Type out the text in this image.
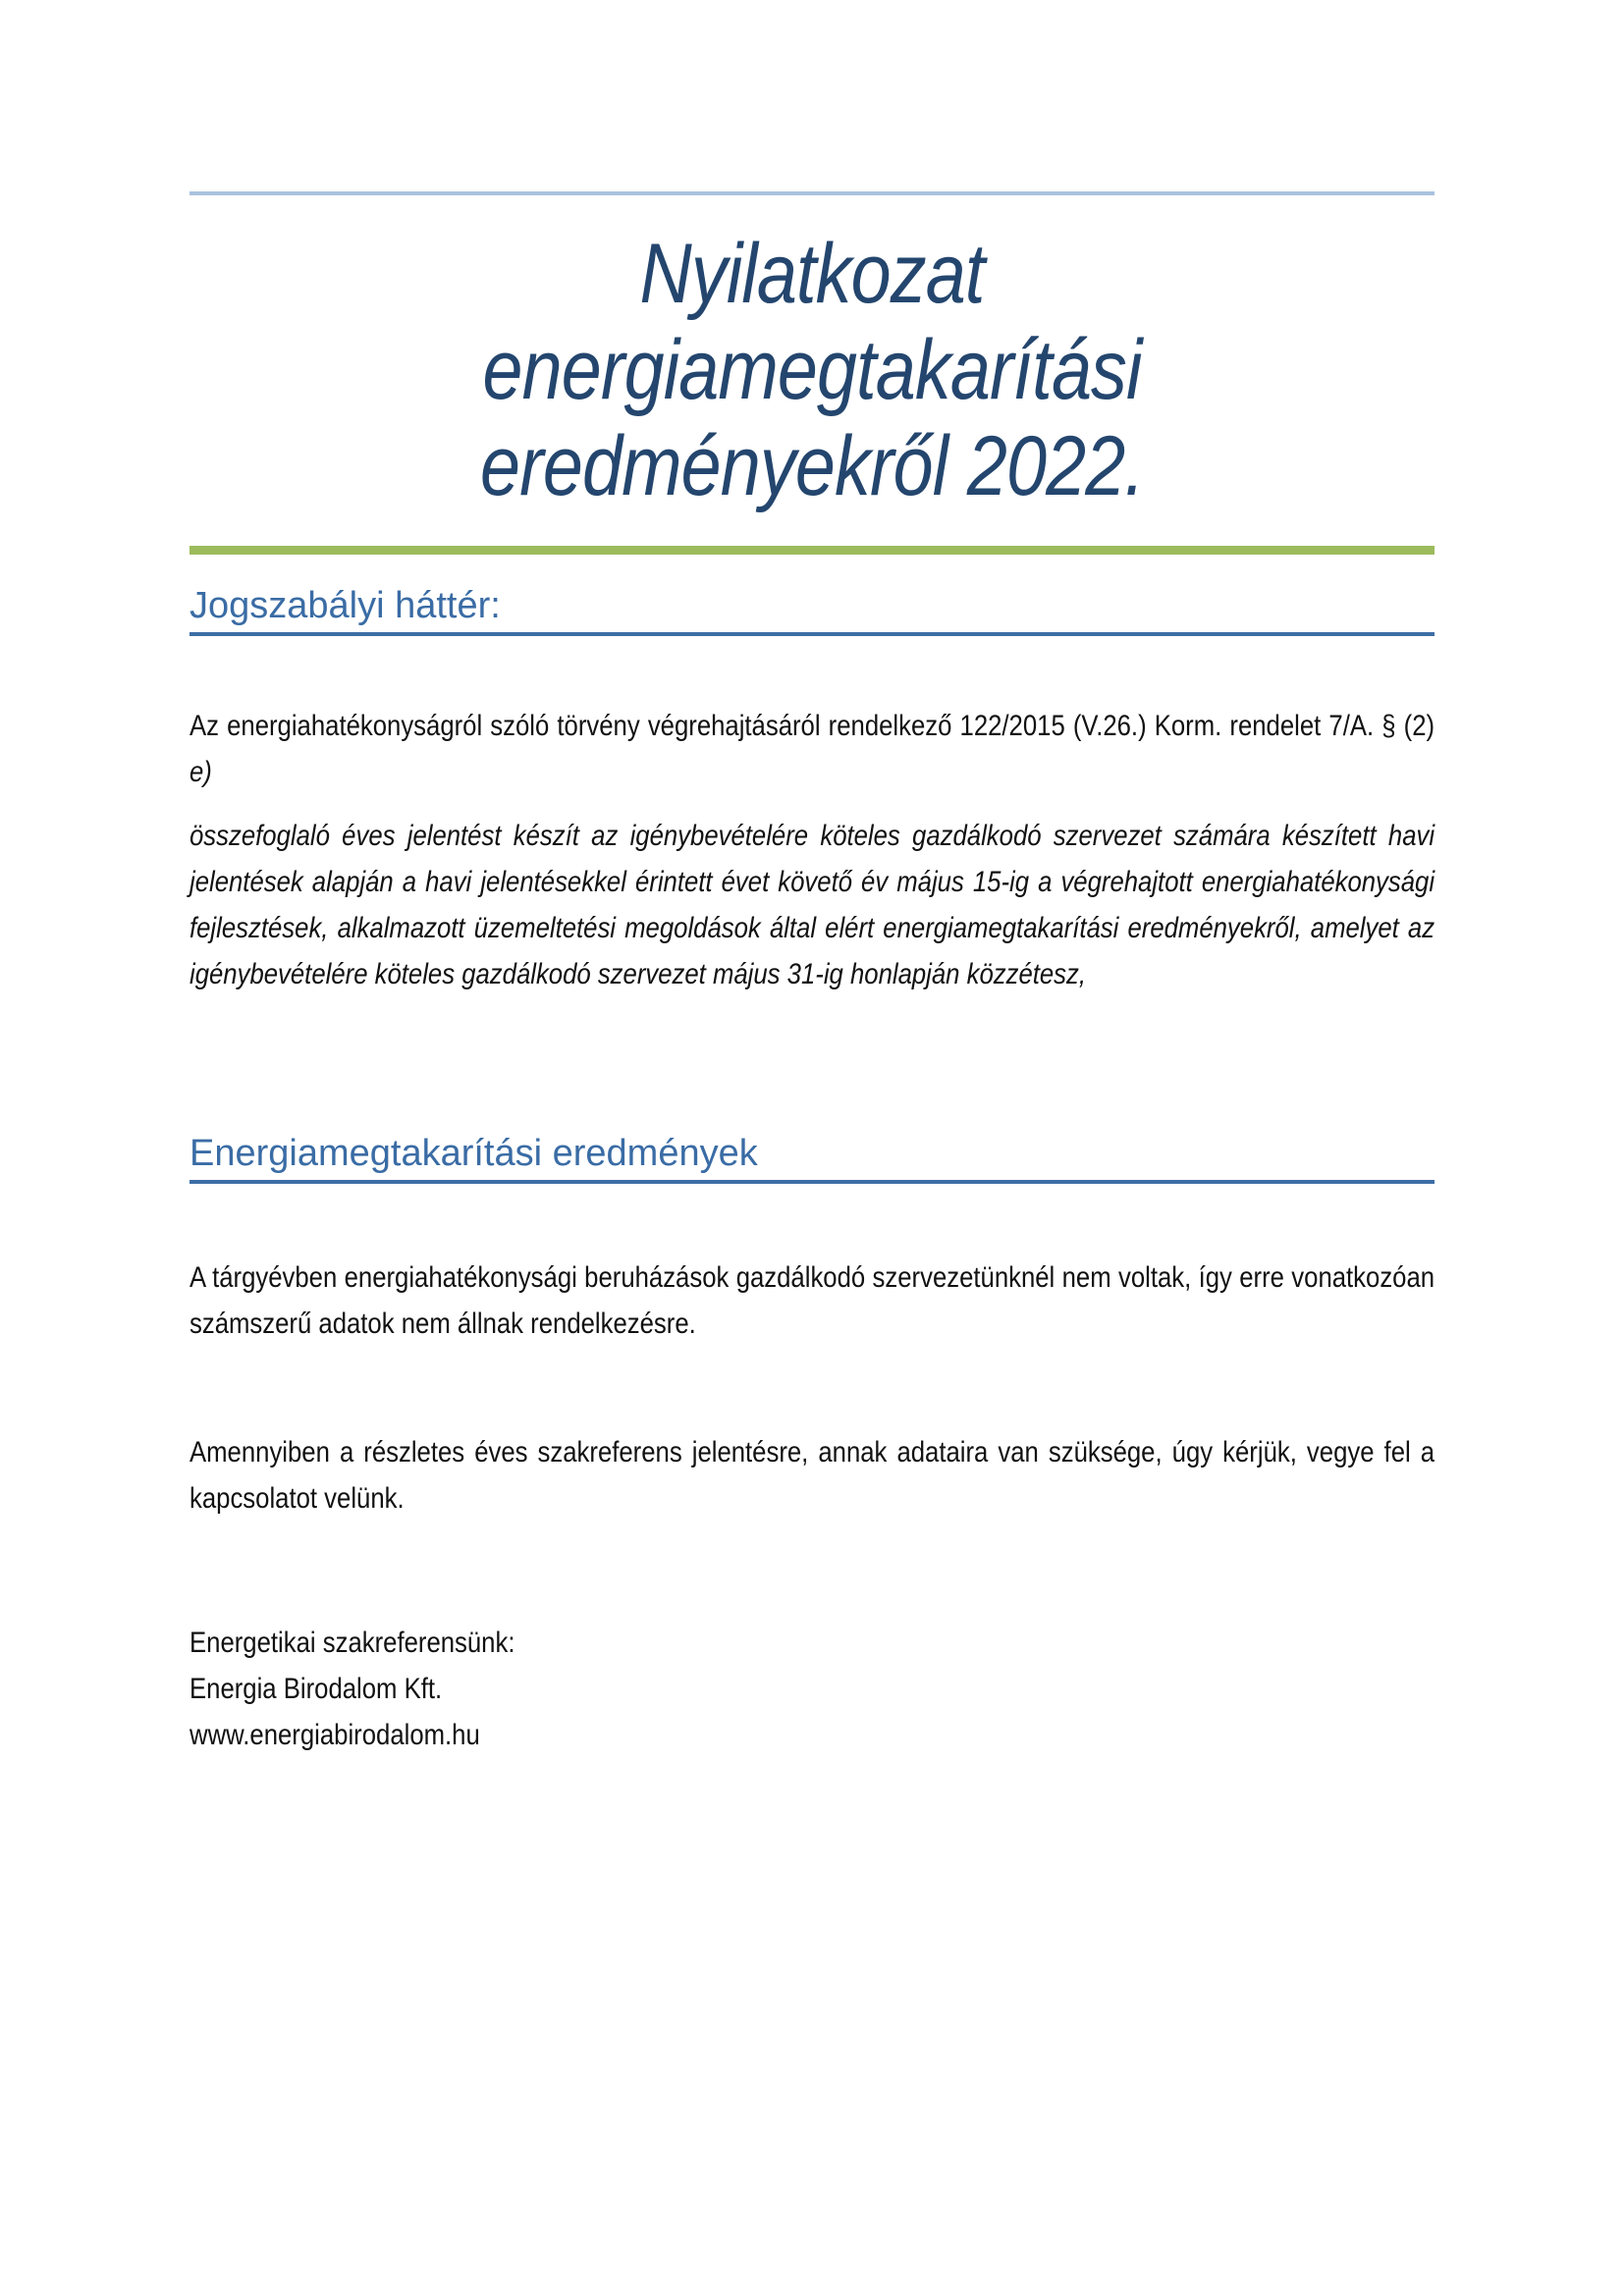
Nyilatkozat
energiamegtakarítási
eredményekről 2022.
Jogszabályi háttér:

Az energiahatékonyságról szóló törvény végrehajtásáról rendelkező 122/2015 (V.26.) Korm. rendelet 7/A. § (2) e)

összefoglaló éves jelentést készít az igénybevételére köteles gazdálkodó szervezet számára készített havi jelentések alapján a havi jelentésekkel érintett évet követő év május 15-ig a végrehajtott energiahatékonysági fejlesztések, alkalmazott üzemeltetési megoldások által elért energiamegtakarítási eredményekről, amelyet az igénybevételére köteles gazdálkodó szervezet május 31-ig honlapján közzétesz,

Energiamegtakarítási eredmények

A tárgyévben energiahatékonysági beruházások gazdálkodó szervezetünknél nem voltak, így erre vonatkozóan számszerű adatok nem állnak rendelkezésre.

Amennyiben a részletes éves szakreferens jelentésre, annak adataira van szüksége, úgy kérjük, vegye fel a kapcsolatot velünk.

Energetikai szakreferensünk:
Energia Birodalom Kft.
www.energiabirodalom.hu
